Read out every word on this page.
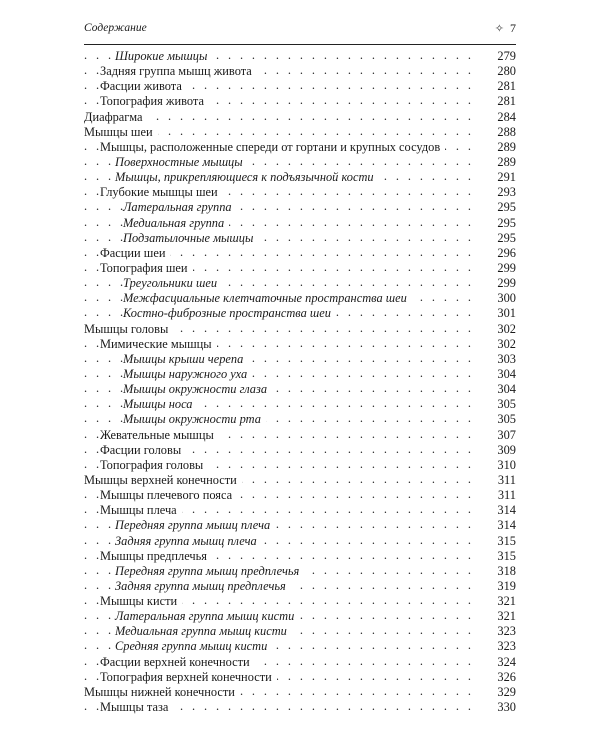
Содержание	✧ 7
. . .
Широкие мышцы	279
. . .
Задняя группа мышц живота	280
. . .
Фасции живота	281
. . .
Топография живота	281
. . .
Диафрагма	284
. . .
Мышцы шеи	288
. . .
Мышцы, расположенные спереди от гортани и крупных сосудов	289
. . .
Поверхностные мышцы	289
. . .
Мышцы, прикрепляющиеся к подъязычной кости	291
. . .
Глубокие мышцы шеи	293
. . .
Латеральная группа	295
. . .
Медиальная группа	295
. . .
Подзатылочные мышцы	295
. . .
Фасции шеи	296
. . .
Топография шеи	299
. . .
Треугольники шеи	299
. . .
Межфасциальные клетчаточные пространства шеи	300
. . .
Костно-фиброзные пространства шеи	301
. . .
Мышцы головы	302
. . .
Мимические мышцы	302
. . .
Мышцы крыши черепа	303
. . .
Мышцы наружного уха	304
. . .
Мышцы окружности глаза	304
. . .
Мышцы носа	305
. . .
Мышцы окружности рта	305
. . .
Жевательные мышцы	307
. . .
Фасции головы	309
. . .
Топография головы	310
. . .
Мышцы верхней конечности	311
. . .
Мышцы плечевого пояса	311
. . .
Мышцы плеча	314
. . .
Передняя группа мышц плеча	314
. . .
Задняя группа мышц плеча	315
. . .
Мышцы предплечья	315
. . .
Передняя группа мышц предплечья	318
. . .
Задняя группа мышц предплечья	319
. . .
Мышцы кисти	321
. . .
Латеральная группа мышц кисти	321
. . .
Медиальная группа мышц кисти	323
. . .
Средняя группа мышц кисти	323
. . .
Фасции верхней конечности	324
. . .
Топография верхней конечности	326
. . .
Мышцы нижней конечности	329
. . .
Мышцы таза	330
